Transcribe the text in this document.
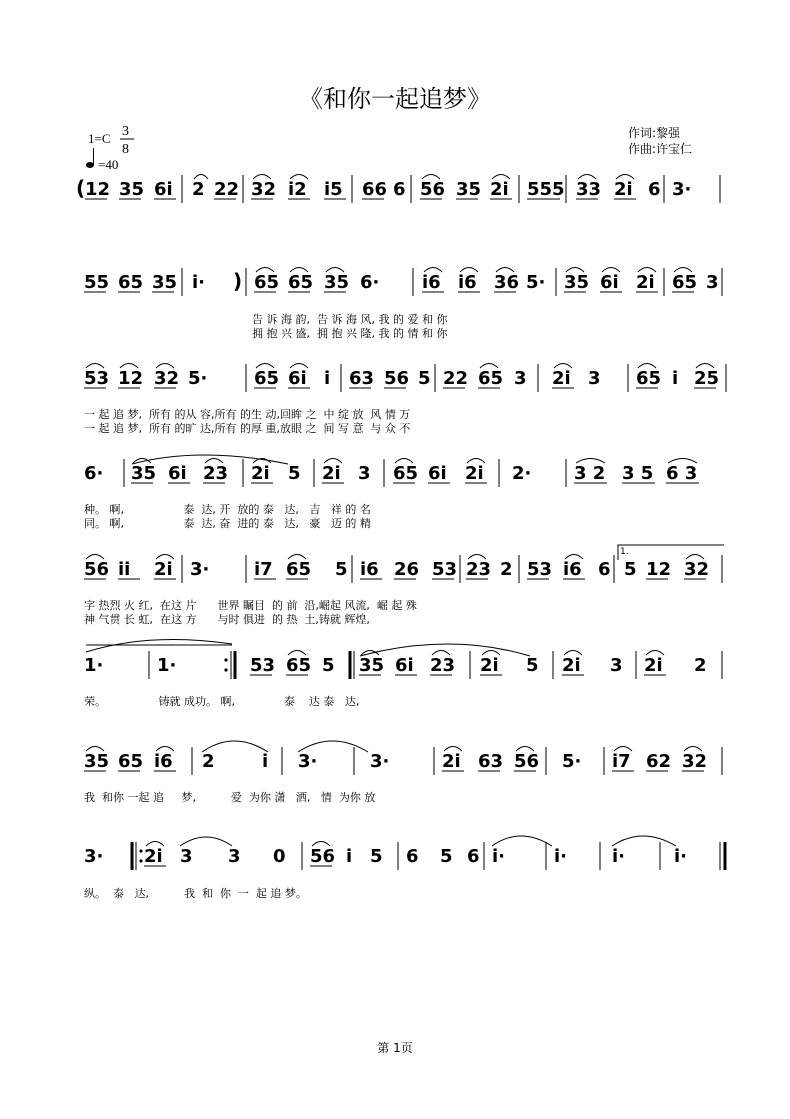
《和你一起追梦》
1=C 3
8
=40
作词:黎强
作曲:许宝仁
( 12 35 6i 2 22 32 i2 i5 66 6 56 35 2i 555 33 2i 6 3·
55 65 35 i· ) 65 65 35 6· i6 i6 36 5· 35 6i 2i 65 3
53 12 32 5·	65 6i i 63 56 5 22 65 3 2i 3 65 i 25
6· 35 6i 23 2i 5 2i 3 65 6i 2i 2· 3 2 3 5 6 3
56 ii 2i 3· i7 65 5 i6 26 53 23 2 53 i6 6 5 12 32
1·	1·	53 65 5 35 6i 23 2i 5 2i 3 2i 2
35 65 i6 2	i 3·	3·	2i 63 56 5· i7 62 32
3· 2i 3 3 0 56 i 5 6 5 6 i·	i· i·	i·
告 诉 海 韵,  告 诉 海 风, 我 的 爱 和 你
拥 抱 兴 盛,  拥 抱 兴 隆, 我 的 情 和 你
一 起 追 梦,  所有 的从 容,所有 的生 动,回眸 之  中 绽 放  风 情 万
一 起 追 梦,  所有 的旷 达,所有 的厚 重,放眼 之  间 写 意  与 众 不
种。 啊,                 泰  达, 开  放的 泰   达,   吉   祥 的 名
同。 啊,                 泰  达, 奋  进的 泰   达,   豪   迈 的 精
字 热烈 火 红,  在这 片      世界 瞩目  的 前  沿,崛起 风流,  崛 起 殊
神 气贯 长 虹,  在这 方      与时 俱进  的 热  土,铸就 辉煌,
荣。               铸就 成功。 啊,              泰    达 泰   达,
我  和你 一起 追     梦,          爱  为你 潇   洒,   情  为你 放
纵。  泰   达,          我  和  你  一  起 追 梦。
1.
第 1页
